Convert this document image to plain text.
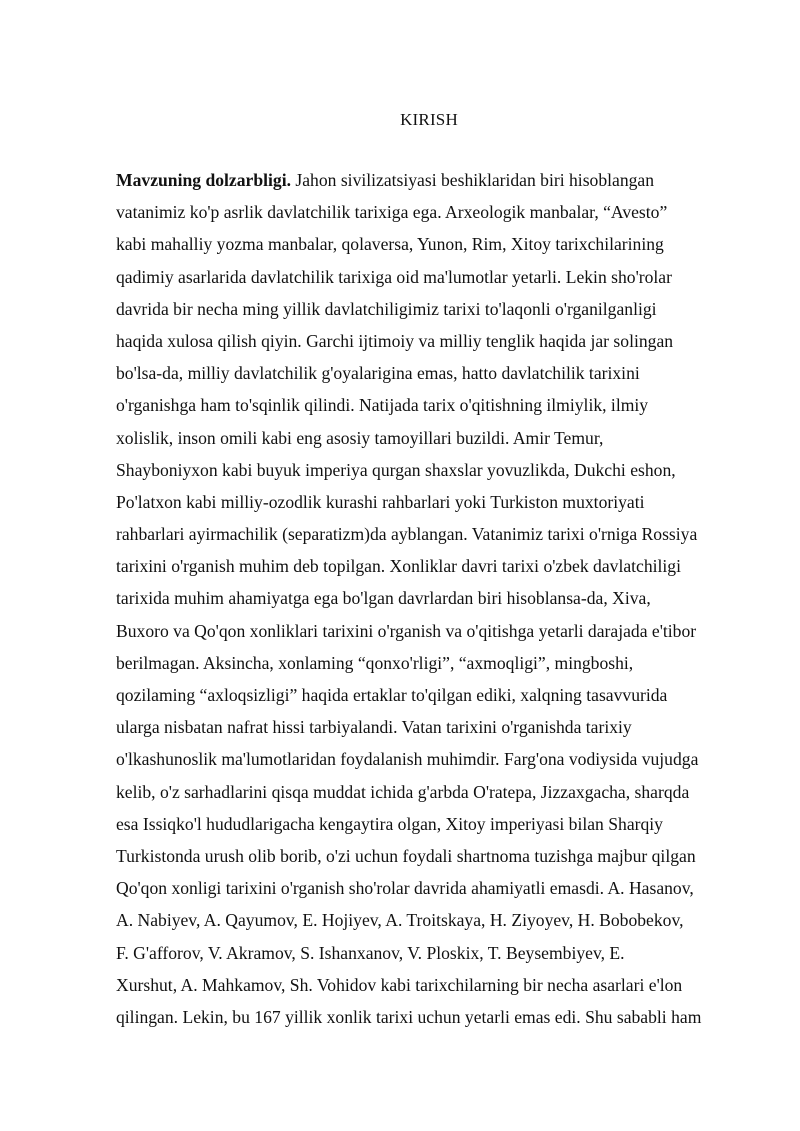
KIRISH
Mavzuning dolzarbligi. Jahon sivilizatsiyasi beshiklaridan biri hisoblangan
vatanimiz ko'p asrlik davlatchilik tarixiga ega. Arxeologik manbalar, “Avesto”
kabi mahalliy yozma manbalar, qolaversa, Yunon, Rim, Xitoy tarixchilarining
qadimiy asarlarida davlatchilik tarixiga oid ma'lumotlar yetarli. Lekin sho'rolar
davrida bir necha ming yillik davlatchiligimiz tarixi to'laqonli o'rganilganligi
haqida xulosa qilish qiyin. Garchi ijtimoiy va milliy tenglik haqida jar solingan
bo'lsa-da, milliy davlatchilik g'oyalarigina emas, hatto davlatchilik tarixini
o'rganishga ham to'sqinlik qilindi. Natijada tarix o'qitishning ilmiylik, ilmiy
xolislik, inson omili kabi eng asosiy tamoyillari buzildi. Amir Temur,
Shayboniyxon kabi buyuk imperiya qurgan shaxslar yovuzlikda, Dukchi eshon,
Po'latxon kabi milliy-ozodlik kurashi rahbarlari yoki Turkiston muxtoriyati
rahbarlari ayirmachilik (separatizm)da ayblangan. Vatanimiz tarixi o'rniga Rossiya
tarixini o'rganish muhim deb topilgan. Xonliklar davri tarixi o'zbek davlatchiligi
tarixida muhim ahamiyatga ega bo'lgan davrlardan biri hisoblansa-da, Xiva,
Buxoro va Qo'qon xonliklari tarixini o'rganish va o'qitishga yetarli darajada e'tibor
berilmagan. Aksincha, xonlaming “qonxo'rligi”, “axmoqligi”, mingboshi,
qozilaming “axloqsizligi” haqida ertaklar to'qilgan ediki, xalqning tasavvurida
ularga nisbatan nafrat hissi tarbiyalandi. Vatan tarixini o'rganishda tarixiy
o'lkashunoslik ma'lumotlaridan foydalanish muhimdir. Farg'ona vodiysida vujudga
kelib, o'z sarhadlarini qisqa muddat ichida g'arbda O'ratepa, Jizzaxgacha, sharqda
esa Issiqko'l hududlarigacha kengaytira olgan, Xitoy imperiyasi bilan Sharqiy
Turkistonda urush olib borib, o'zi uchun foydali shartnoma tuzishga majbur qilgan
Qo'qon xonligi tarixini o'rganish sho'rolar davrida ahamiyatli emasdi. A. Hasanov,
A. Nabiyev, A. Qayumov, E. Hojiyev, A. Troitskaya, H. Ziyoyev, H. Bobobekov,
F. G'afforov, V. Akramov, S. Ishanxanov, V. Ploskix, T. Beysembiyev, E.
Xurshut, A. Mahkamov, Sh. Vohidov kabi tarixchilarning bir necha asarlari e'lon
qilingan. Lekin, bu 167 yillik xonlik tarixi uchun yetarli emas edi. Shu sababli ham
